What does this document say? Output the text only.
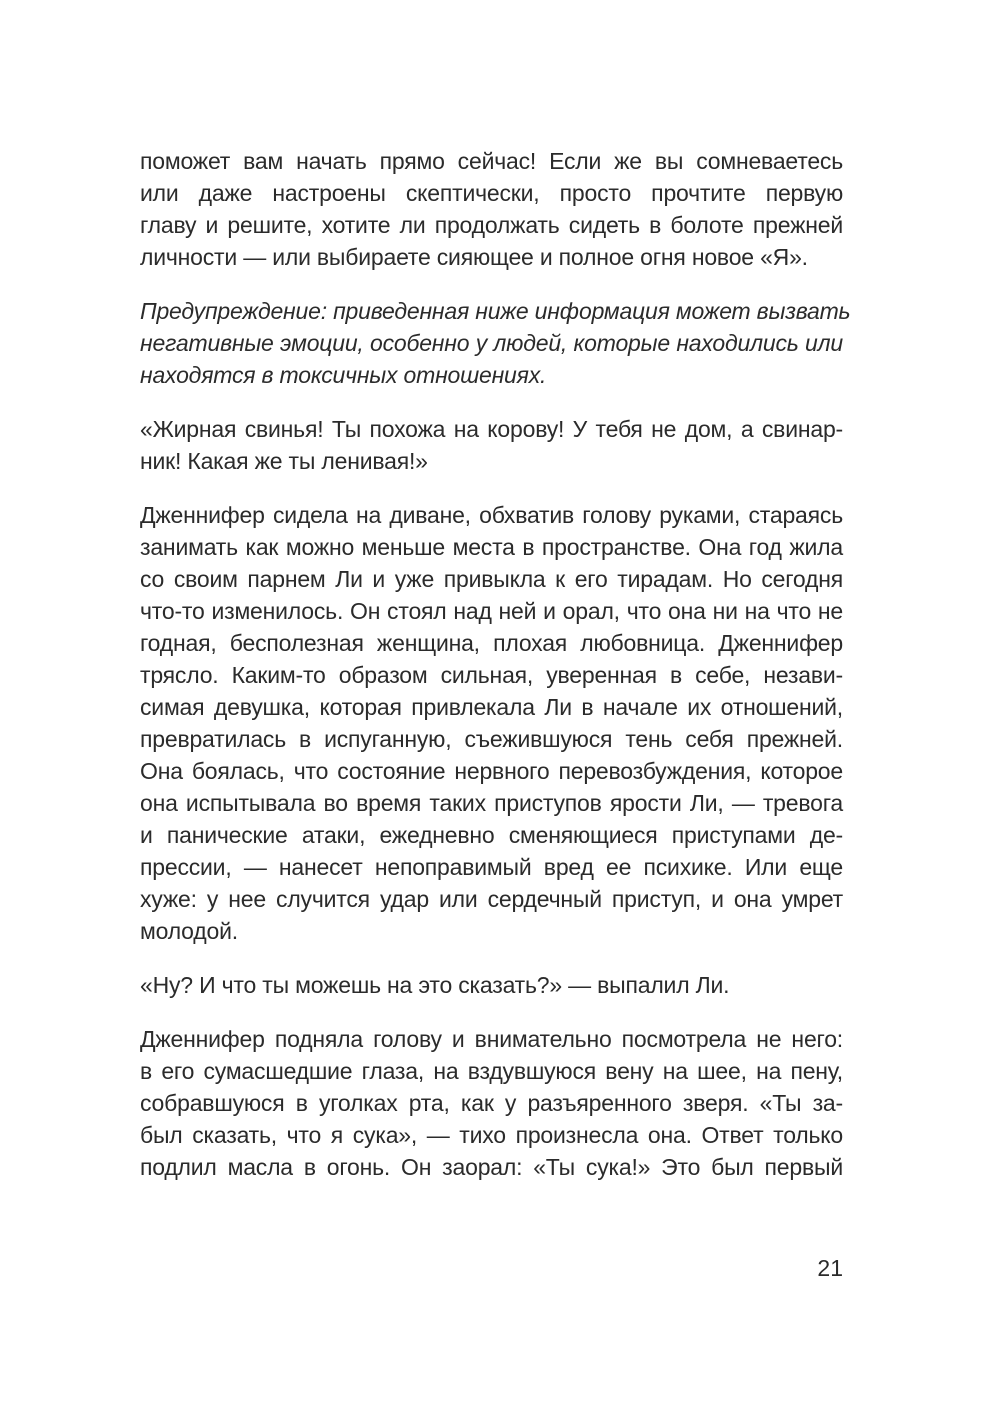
поможет вам начать прямо сейчас! Если же вы сомневаетесь
или даже настроены скептически, просто прочтите первую
главу и решите, хотите ли продолжать сидеть в болоте прежней
личности — или выбираете сияющее и полное огня новое «Я».

Предупреждение: приведенная ниже информация может вызвать
негативные эмоции, особенно у людей, которые находились или
находятся в токсичных отношениях.

«Жирная свинья! Ты похожа на корову! У тебя не дом, а свинар-
ник! Какая же ты ленивая!»

Дженнифер сидела на диване, обхватив голову руками, стараясь
занимать как можно меньше места в пространстве. Она год жила
со своим парнем Ли и уже привыкла к его тирадам. Но сегодня
что-то изменилось. Он стоял над ней и орал, что она ни на что не
годная, бесполезная женщина, плохая любовница. Дженнифер
трясло. Каким-то образом сильная, уверенная в себе, незави-
симая девушка, которая привлекала Ли в начале их отношений,
превратилась в испуганную, съежившуюся тень себя прежней.
Она боялась, что состояние нервного перевозбуждения, которое
она испытывала во время таких приступов ярости Ли, — тревога
и панические атаки, ежедневно сменяющиеся приступами де-
прессии, — нанесет непоправимый вред ее психике. Или еще
хуже: у нее случится удар или сердечный приступ, и она умрет
молодой.

«Ну? И что ты можешь на это сказать?» — выпалил Ли.

Дженнифер подняла голову и внимательно посмотрела не него:
в его сумасшедшие глаза, на вздувшуюся вену на шее, на пену,
собравшуюся в уголках рта, как у разъяренного зверя. «Ты за-
был сказать, что я сука», — тихо произнесла она. Ответ только
подлил масла в огонь. Он заорал: «Ты сука!» Это был первый

21
